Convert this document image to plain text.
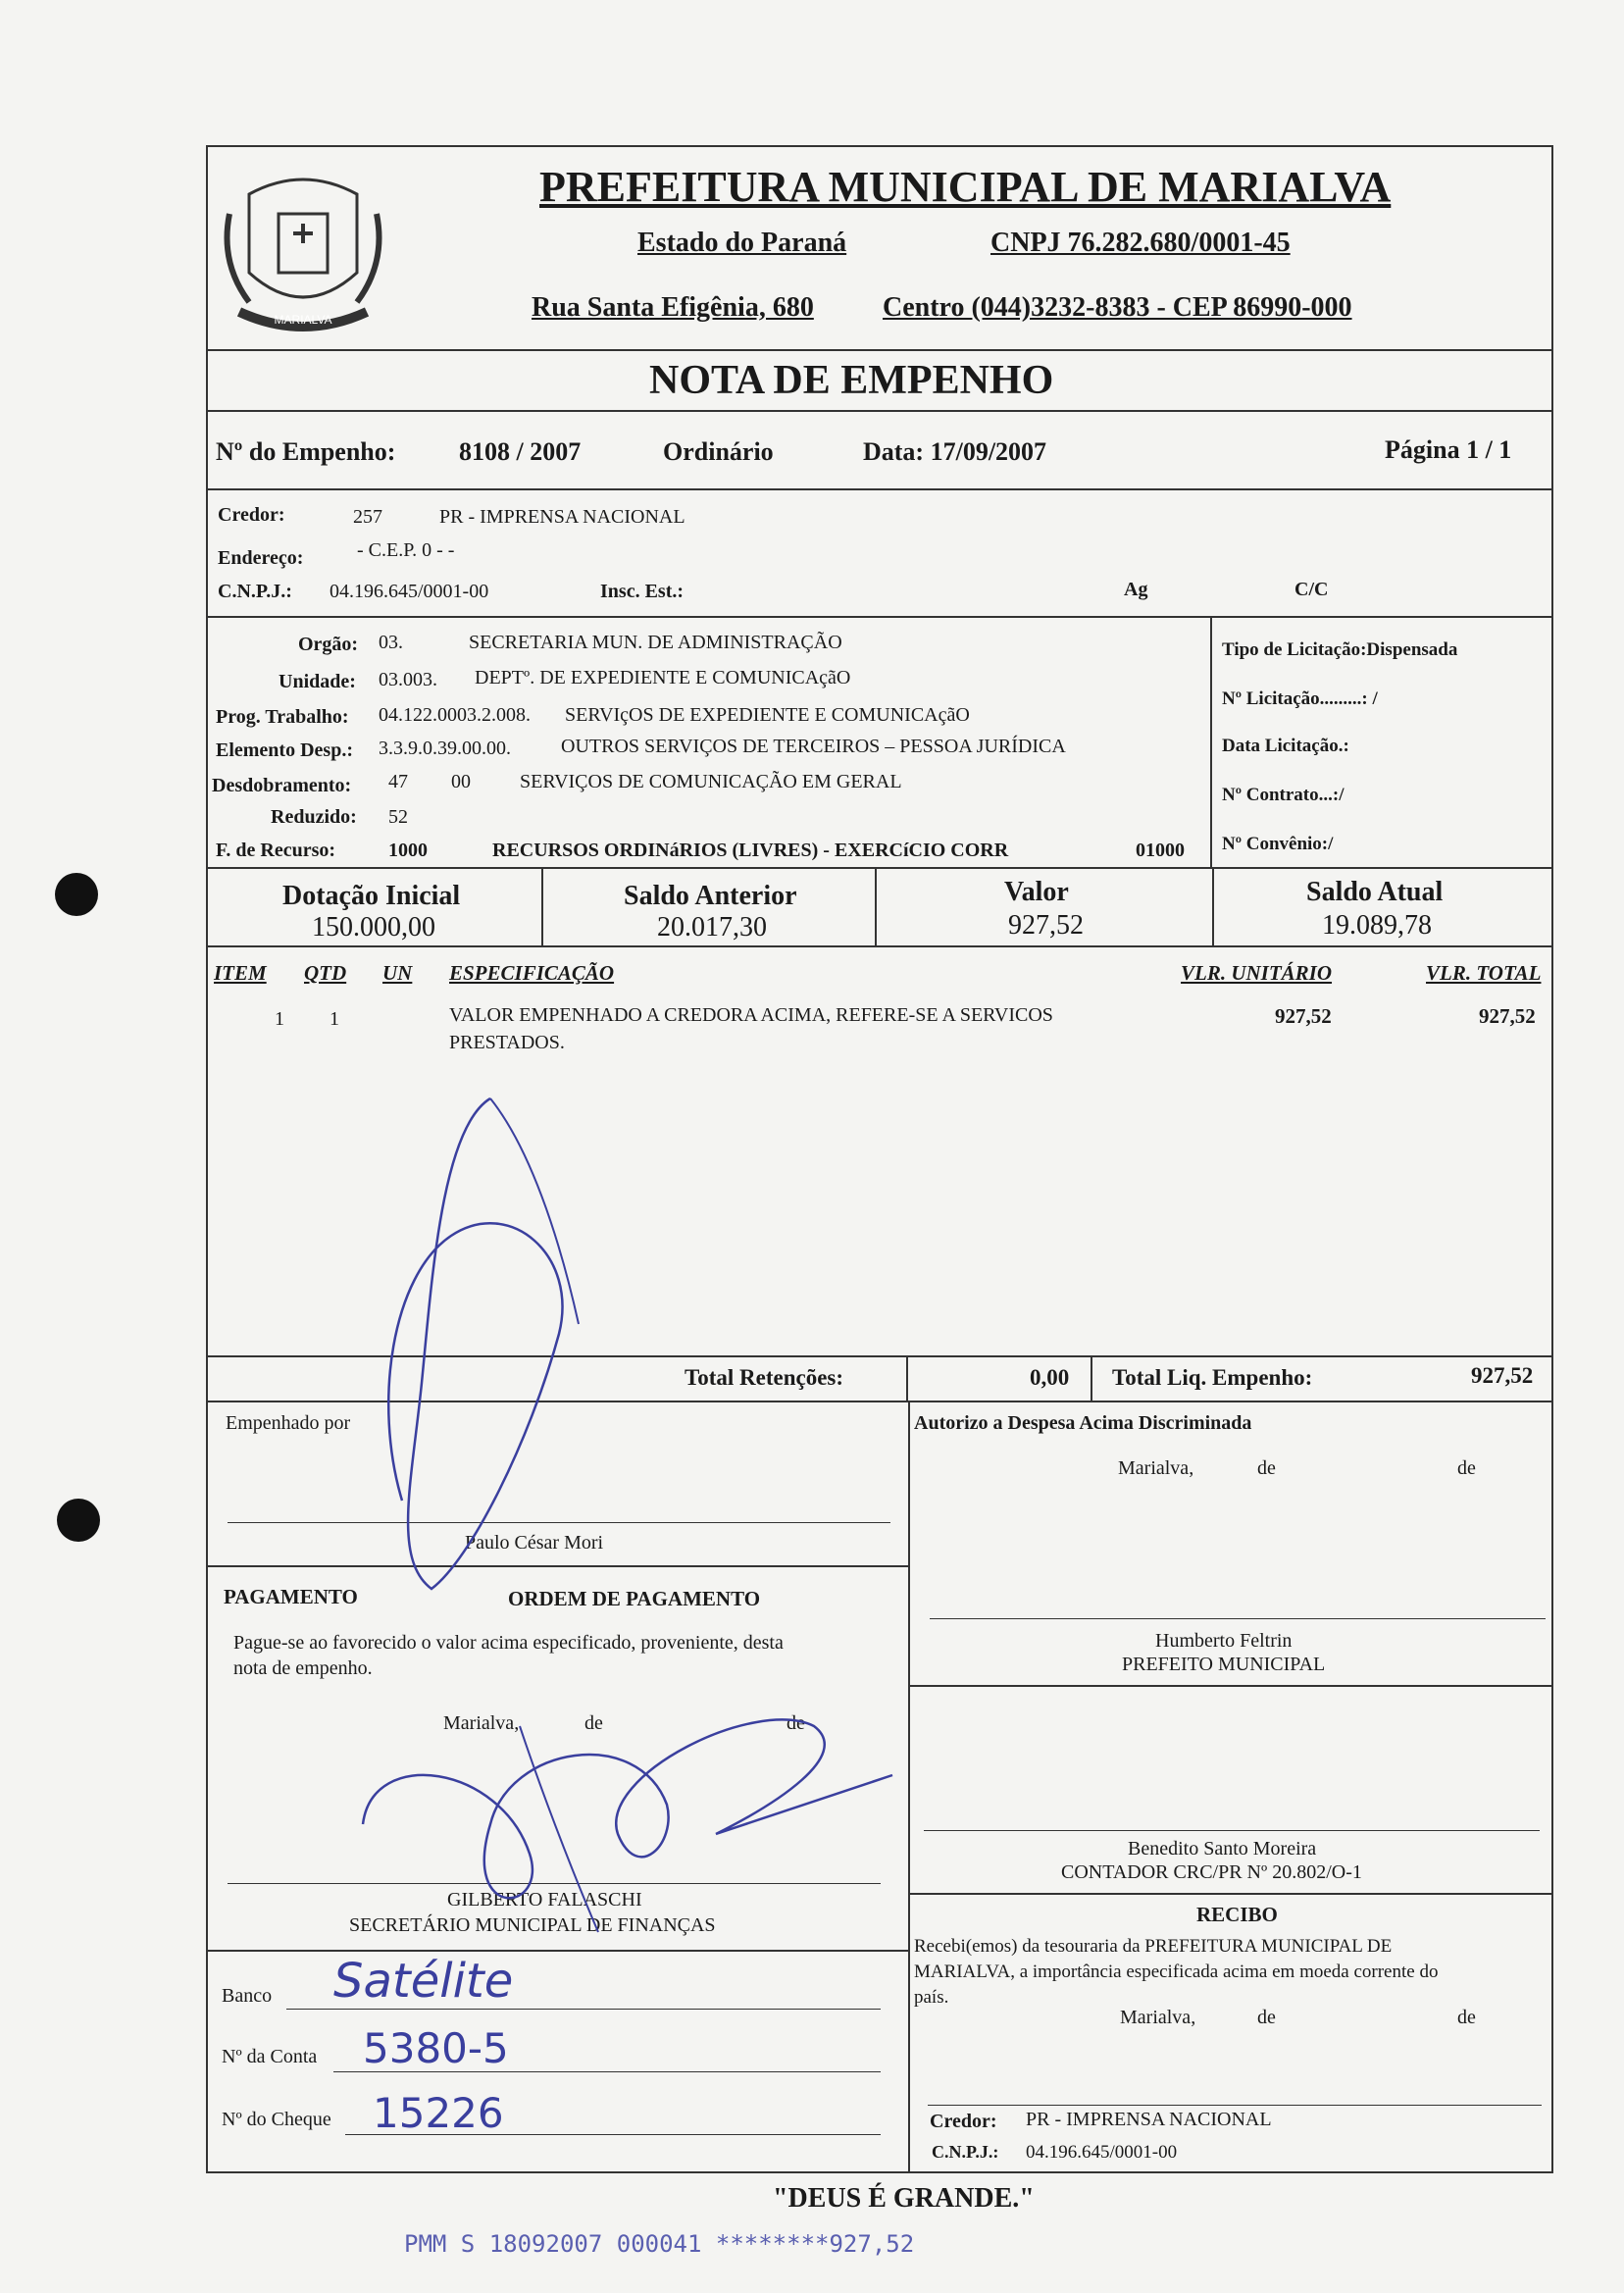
MARIALVA
PREFEITURA MUNICIPAL DE MARIALVA
Estado do Paraná	CNPJ 76.282.680/0001-45
Rua Santa Efigênia, 680	Centro (044)3232-8383 - CEP 86990-000
NOTA DE EMPENHO
Nº do Empenho: 8108 / 2007	Ordinário	Data: 17/09/2007	Página 1 / 1
Credor:	257	PR - IMPRENSA NACIONAL
Endereço:	- C.E.P. 0 - -
C.N.P.J.: 04.196.645/0001-00	Insc. Est.:	Ag	C/C
Orgão: 03.	SECRETARIA MUN. DE ADMINISTRAÇÃO
Unidade: 03.003. DEPTº. DE EXPEDIENTE E COMUNICAçãO
Prog. Trabalho: 04.122.0003.2.008. SERVIçOS DE EXPEDIENTE E COMUNICAçãO
Elemento Desp.: 3.3.9.0.39.00.00.	OUTROS SERVIÇOS DE TERCEIROS – PESSOA JURÍDICA
Desdobramento: 47 00	SERVIÇOS DE COMUNICAÇÃO EM GERAL
Reduzido: 52
F. de Recurso:	1000	RECURSOS ORDINáRIOS (LIVRES) - EXERCíCIO CORR	01000
Tipo de Licitação:Dispensada
Nº Licitação.........: /
Data Licitação.:
Nº Contrato...:/
Nº Convênio:/
Dotação Inicial
150.000,00
Saldo Anterior
20.017,30
Valor
927,52
Saldo Atual
19.089,78
ITEM QTD UN ESPECIFICAÇÃO	VLR. UNITÁRIO	VLR. TOTAL
1 1	VALOR EMPENHADO A CREDORA ACIMA, REFERE-SE A SERVICOS
PRESTADOS.
927,52	927,52
Total Retenções:	0,00 Total Liq. Empenho:	927,52
Empenhado por
Paulo César Mori
Autorizo a Despesa Acima Discriminada
Marialva,	de	de
Humberto Feltrin
PREFEITO MUNICIPAL
PAGAMENTO	ORDEM DE PAGAMENTO
Pague-se ao favorecido o valor acima especificado, proveniente, desta
nota de empenho.
Marialva,	de	de
GILBERTO FALASCHI
SECRETÁRIO MUNICIPAL DE FINANÇAS
Benedito Santo Moreira
CONTADOR CRC/PR Nº 20.802/O-1
RECIBO
Recebi(emos) da tesouraria da PREFEITURA MUNICIPAL DE
MARIALVA, a importância especificada acima em moeda corrente do
país.
Marialva,	de	de
Credor: PR - IMPRENSA NACIONAL
C.N.P.J.: 04.196.645/0001-00
Banco Satélite
Nº da Conta 5380-5
Nº do Cheque 15226
"DEUS É GRANDE."
PMM S 18092007 000041 ********927,52
